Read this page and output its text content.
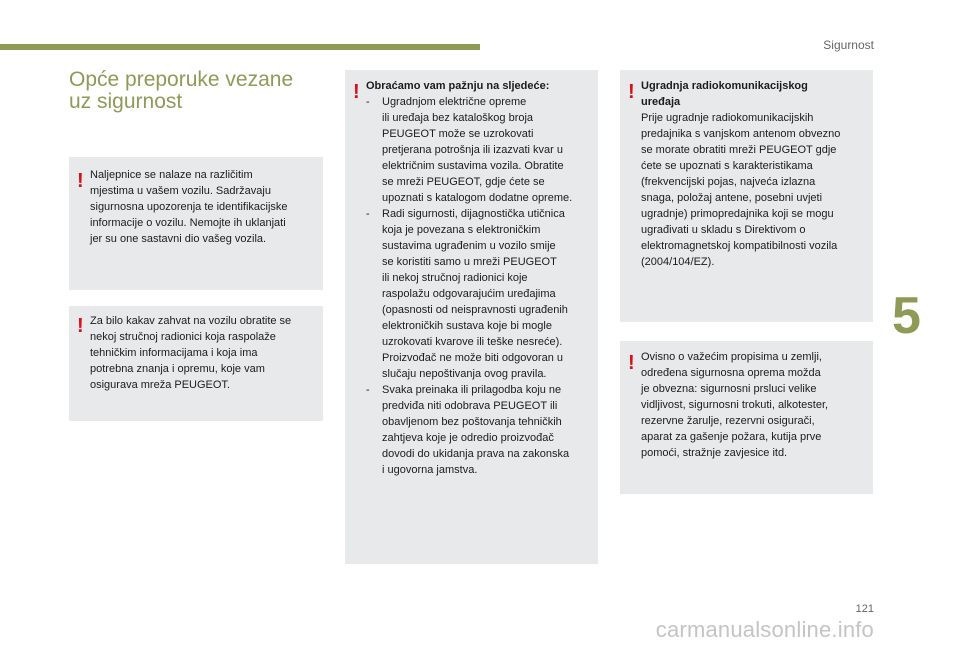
Sigurnost
5
121
carmanualsonline.info
Opće preporuke vezane
uz sigurnost
! Naljepnice se nalaze na različitim
mjestima u vašem vozilu. Sadržavaju
sigurnosna upozorenja te identifikacijske
informacije o vozilu. Nemojte ih uklanjati
jer su one sastavni dio vašeg vozila.

! Za bilo kakav zahvat na vozilu obratite se
nekoj stručnoj radionici koja raspolaže
tehničkim informacijama i koja ima
potrebna znanja i opremu, koje vam
osigurava mreža PEUGEOT.

! Obraćamo vam pažnju na sljedeće:
- Ugradnjom električne opreme
ili uređaja bez kataloškog broja
PEUGEOT može se uzrokovati
pretjerana potrošnja ili izazvati kvar u
električnim sustavima vozila. Obratite
se mreži PEUGEOT, gdje ćete se
upoznati s katalogom dodatne opreme.
- Radi sigurnosti, dijagnostička utičnica
koja je povezana s elektroničkim
sustavima ugrađenim u vozilo smije
se koristiti samo u mreži PEUGEOT
ili nekoj stručnoj radionici koje
raspolažu odgovarajućim uređajima
(opasnosti od neispravnosti ugrađenih
elektroničkih sustava koje bi mogle
uzrokovati kvarove ili teške nesreće).
Proizvođač ne može biti odgovoran u
slučaju nepoštivanja ovog pravila.
- Svaka preinaka ili prilagodba koju ne
predviđa niti odobrava PEUGEOT ili
obavljenom bez poštovanja tehničkih
zahtjeva koje je odredio proizvođač
dovodi do ukidanja prava na zakonska
i ugovorna jamstva.
! Ugradnja radiokomunikacijskog
uređaja

Prije ugradnje radiokomunikacijskih
predajnika s vanjskom antenom obvezno
se morate obratiti mreži PEUGEOT gdje
ćete se upoznati s karakteristikama
(frekvencijski pojas, najveća izlazna
snaga, položaj antene, posebni uvjeti
ugradnje) primopredajnika koji se mogu
ugrađivati u skladu s Direktivom o
elektromagnetskoj kompatibilnosti vozila
(2004/104/EZ).

! Ovisno o važećim propisima u zemlji,
određena sigurnosna oprema možda
je obvezna: sigurnosni prsluci velike
vidljivost, sigurnosni trokuti, alkotester,
rezervne žarulje, rezervni osigurači,
aparat za gašenje požara, kutija prve
pomoći, stražnje zavjesice itd.
